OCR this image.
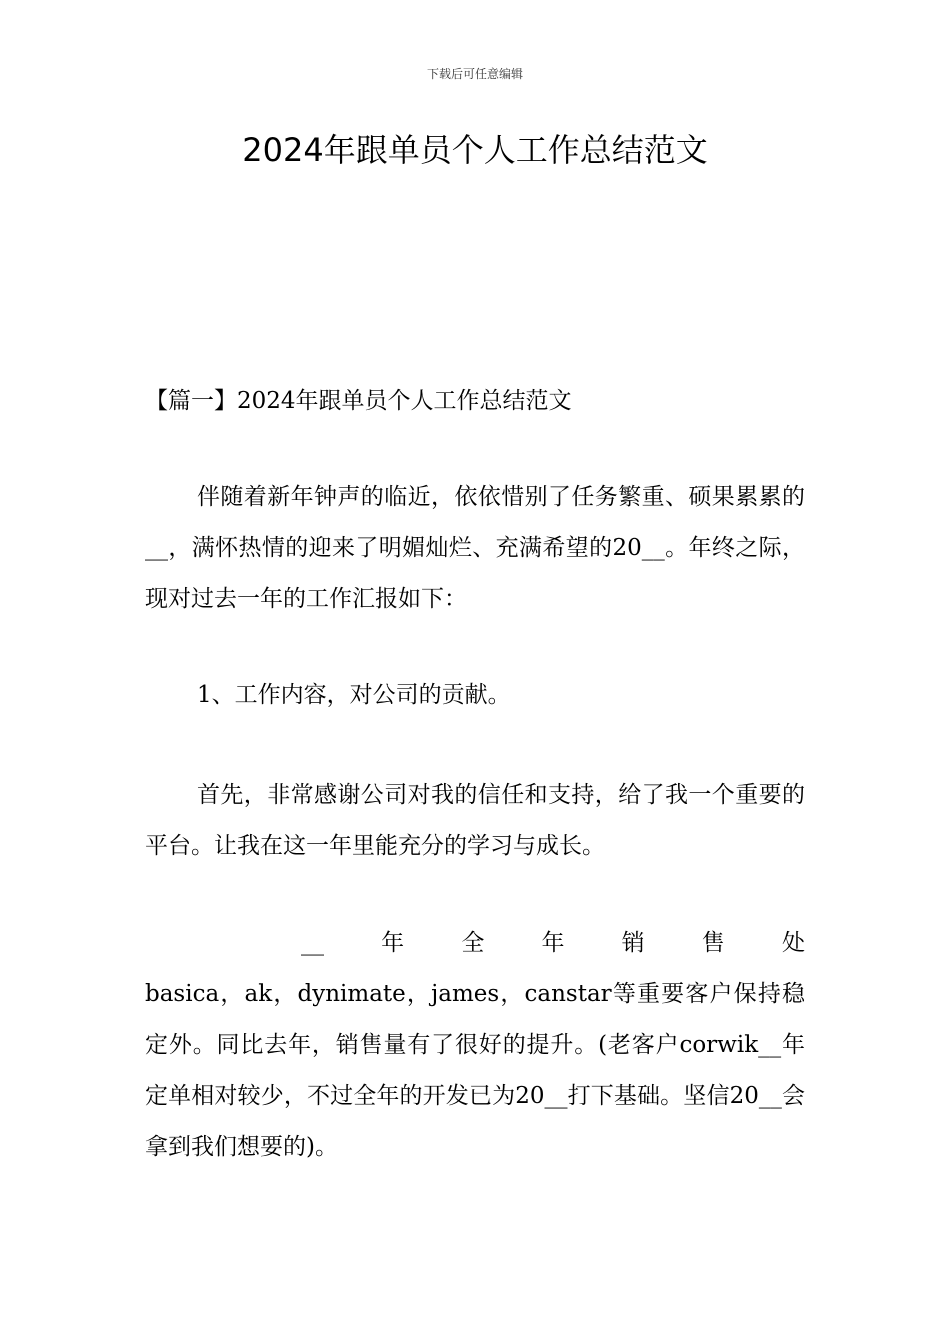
下载后可任意编辑
2024年跟单员个人工作总结范文

【篇一】2024年跟单员个人工作总结范文

伴随着新年钟声的临近，依依惜别了任务繁重、硕果累累的__，满怀热情的迎来了明媚灿烂、充满希望的20__。年终之际，现对过去一年的工作汇报如下：

1、工作内容，对公司的贡献。

首先，非常感谢公司对我的信任和支持，给了我一个重要的平台。让我在这一年里能充分的学习与成长。

__ 年 全 年 销 售 处
basica，ak，dynimate，james，canstar等重要客户保持稳定外。同比去年，销售量有了很好的提升。(老客户corwik__年定单相对较少，不过全年的开发已为20__打下基础。坚信20__会拿到我们想要的)。
